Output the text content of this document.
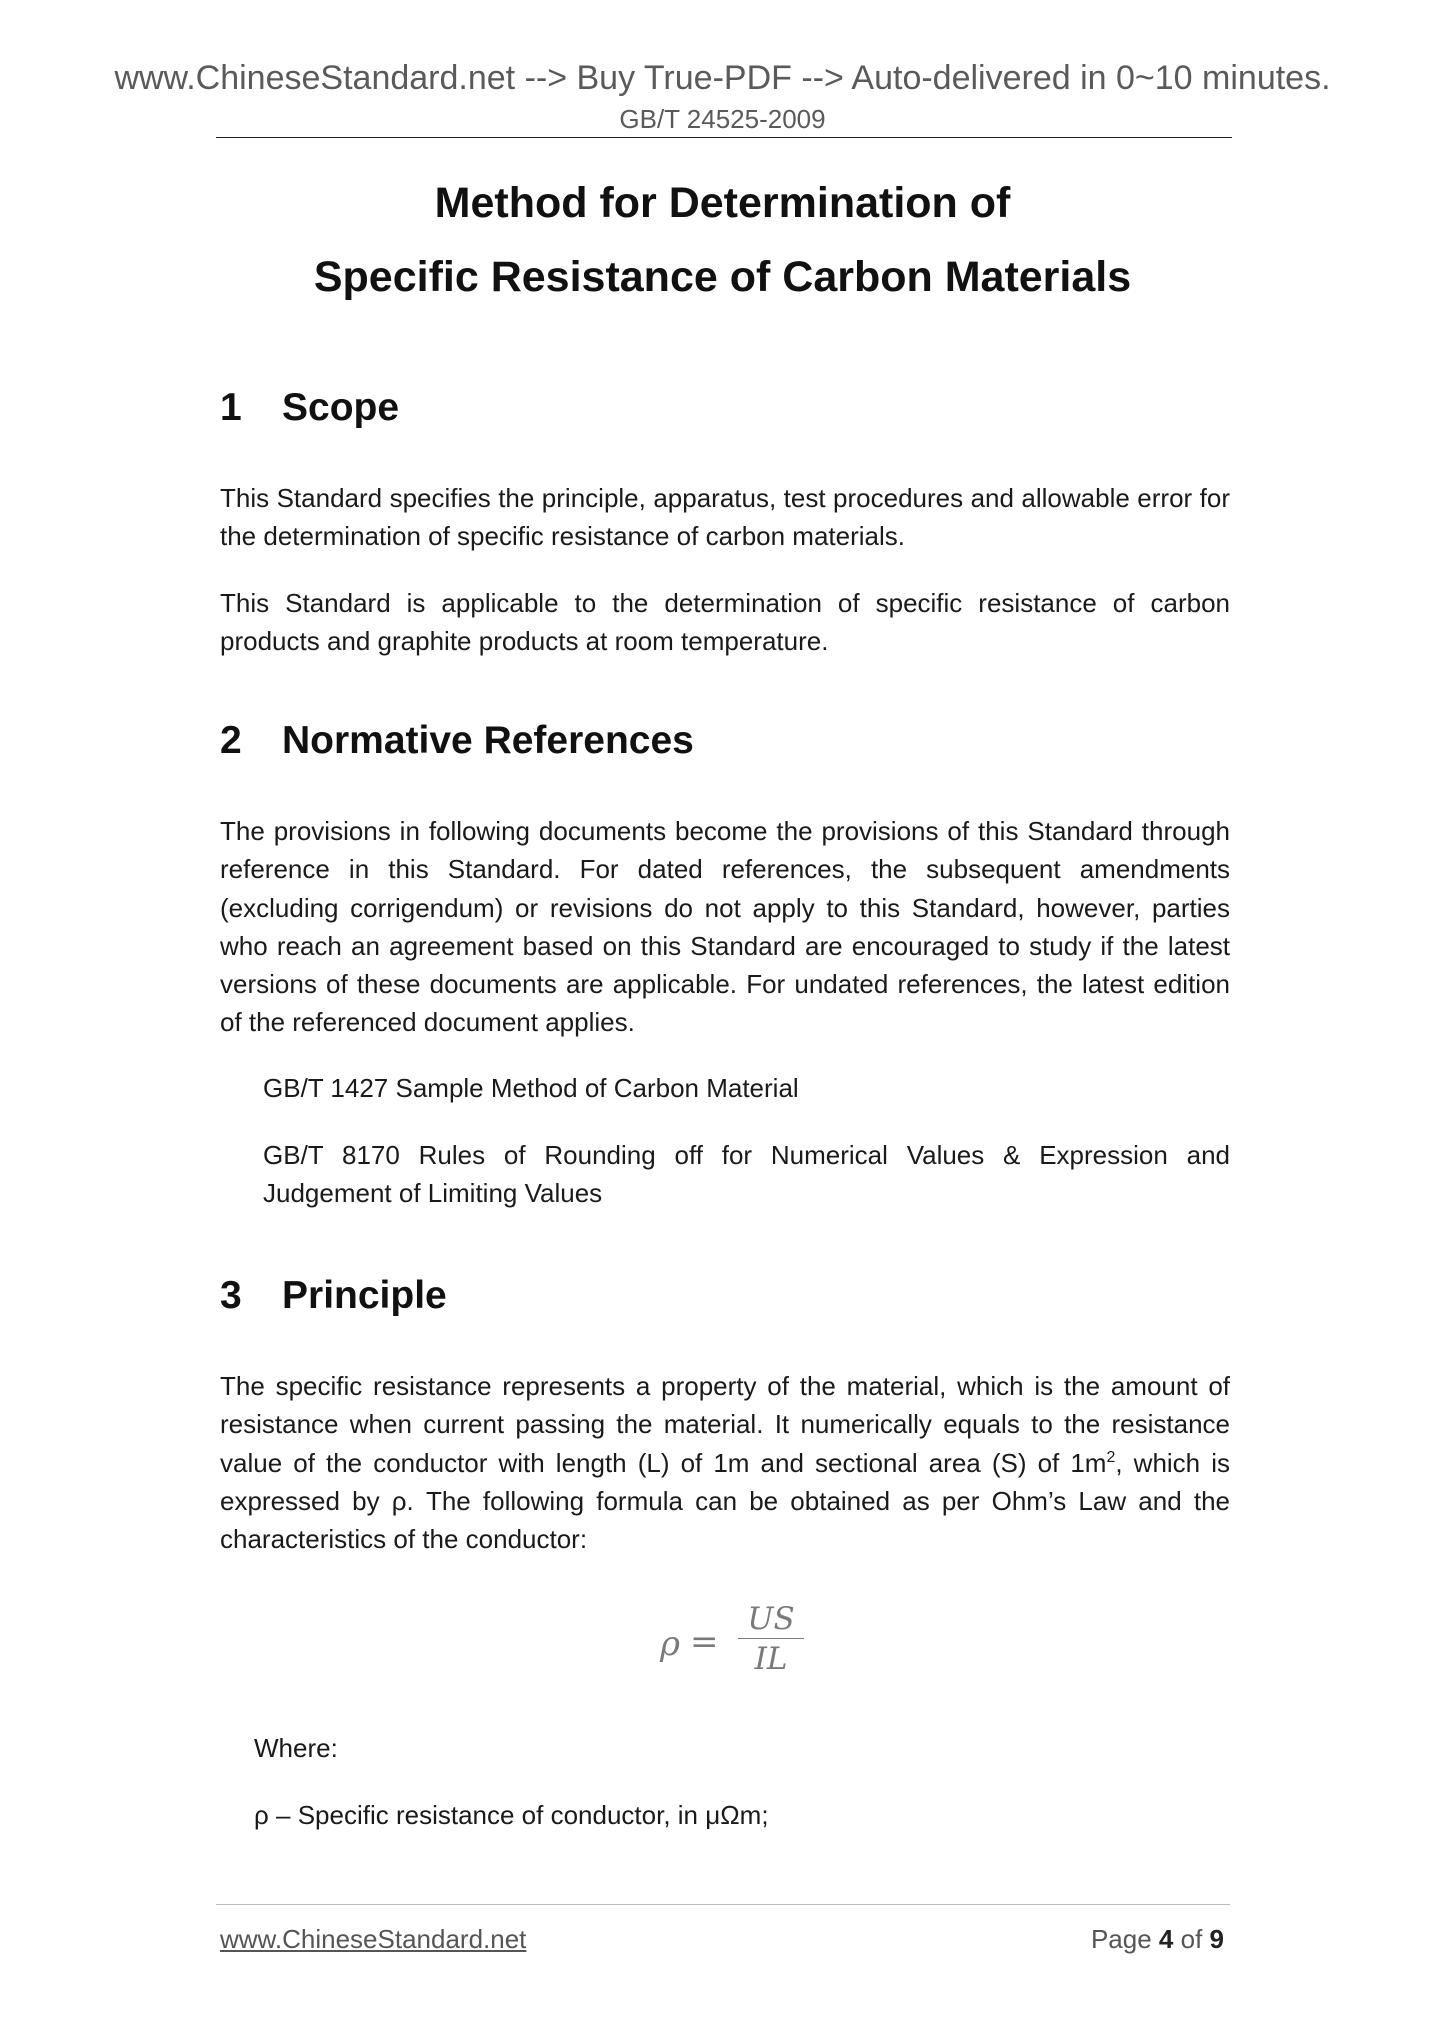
www.ChineseStandard.net --> Buy True-PDF --> Auto-delivered in 0~10 minutes.
GB/T 24525-2009
Method for Determination of
Specific Resistance of Carbon Materials
1 Scope
This Standard specifies the principle, apparatus, test procedures and allowable error for the determination of specific resistance of carbon materials.
This Standard is applicable to the determination of specific resistance of carbon products and graphite products at room temperature.
2 Normative References
The provisions in following documents become the provisions of this Standard through reference in this Standard. For dated references, the subsequent amendments (excluding corrigendum) or revisions do not apply to this Standard, however, parties who reach an agreement based on this Standard are encouraged to study if the latest versions of these documents are applicable. For undated references, the latest edition of the referenced document applies.
GB/T 1427 Sample Method of Carbon Material
GB/T 8170 Rules of Rounding off for Numerical Values & Expression and Judgement of Limiting Values
3 Principle
The specific resistance represents a property of the material, which is the amount of resistance when current passing the material. It numerically equals to the resistance value of the conductor with length (L) of 1m and sectional area (S) of $1m^2$, which is expressed by ρ. The following formula can be obtained as per Ohm’s Law and the characteristics of the conductor:
$\rho = \frac{US}{IL}$
Where:
ρ – Specific resistance of conductor, in μΩm;
www.ChineseStandard.net	Page 4 of 9
